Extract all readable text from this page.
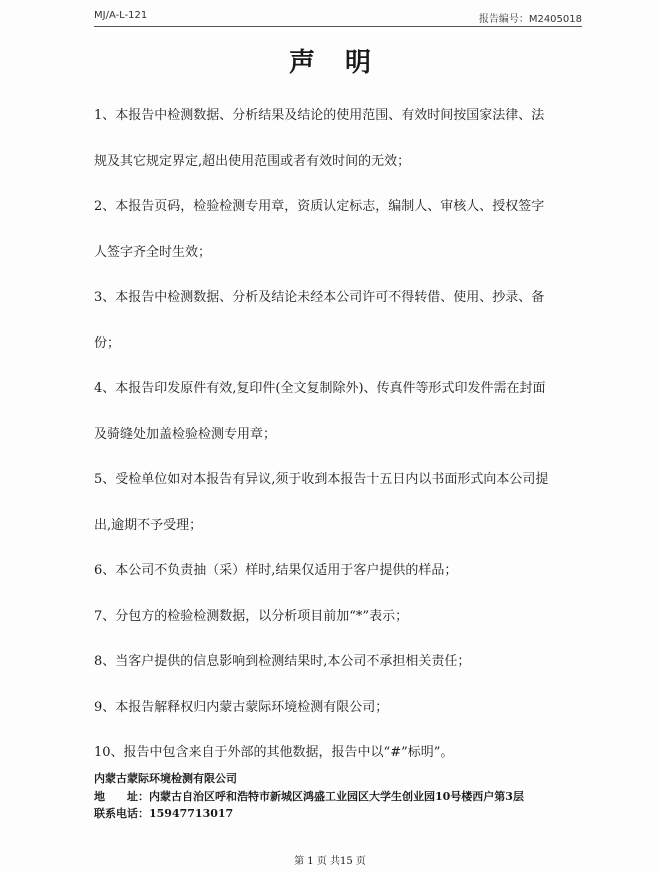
MJ/A-L-121	报告编号：M2405018
声明

1、本报告中检测数据、分析结果及结论的使用范围、有效时间按国家法律、法

规及其它规定界定,超出使用范围或者有效时间的无效；

2、本报告页码，检验检测专用章，资质认定标志，编制人、审核人、授权签字

人签字齐全时生效；

3、本报告中检测数据、分析及结论未经本公司许可不得转借、使用、抄录、备

份；

4、本报告印发原件有效,复印件(全文复制除外)、传真件等形式印发件需在封面

及骑缝处加盖检验检测专用章；

5、受检单位如对本报告有异议,须于收到本报告十五日内以书面形式向本公司提

出,逾期不予受理；

6、本公司不负责抽（采）样时,结果仅适用于客户提供的样品；

7、分包方的检验检测数据，以分析项目前加“*”表示；

8、当客户提供的信息影响到检测结果时,本公司不承担相关责任；

9、本报告解释权归内蒙古蒙际环境检测有限公司；

10、报告中包含来自于外部的其他数据，报告中以“#”标明”。

内蒙古蒙际环境检测有限公司
地　　址：内蒙古自治区呼和浩特市新城区鸿盛工业园区大学生创业园10号楼西户第3层
联系电话：15947713017
第 1 页 共15 页
